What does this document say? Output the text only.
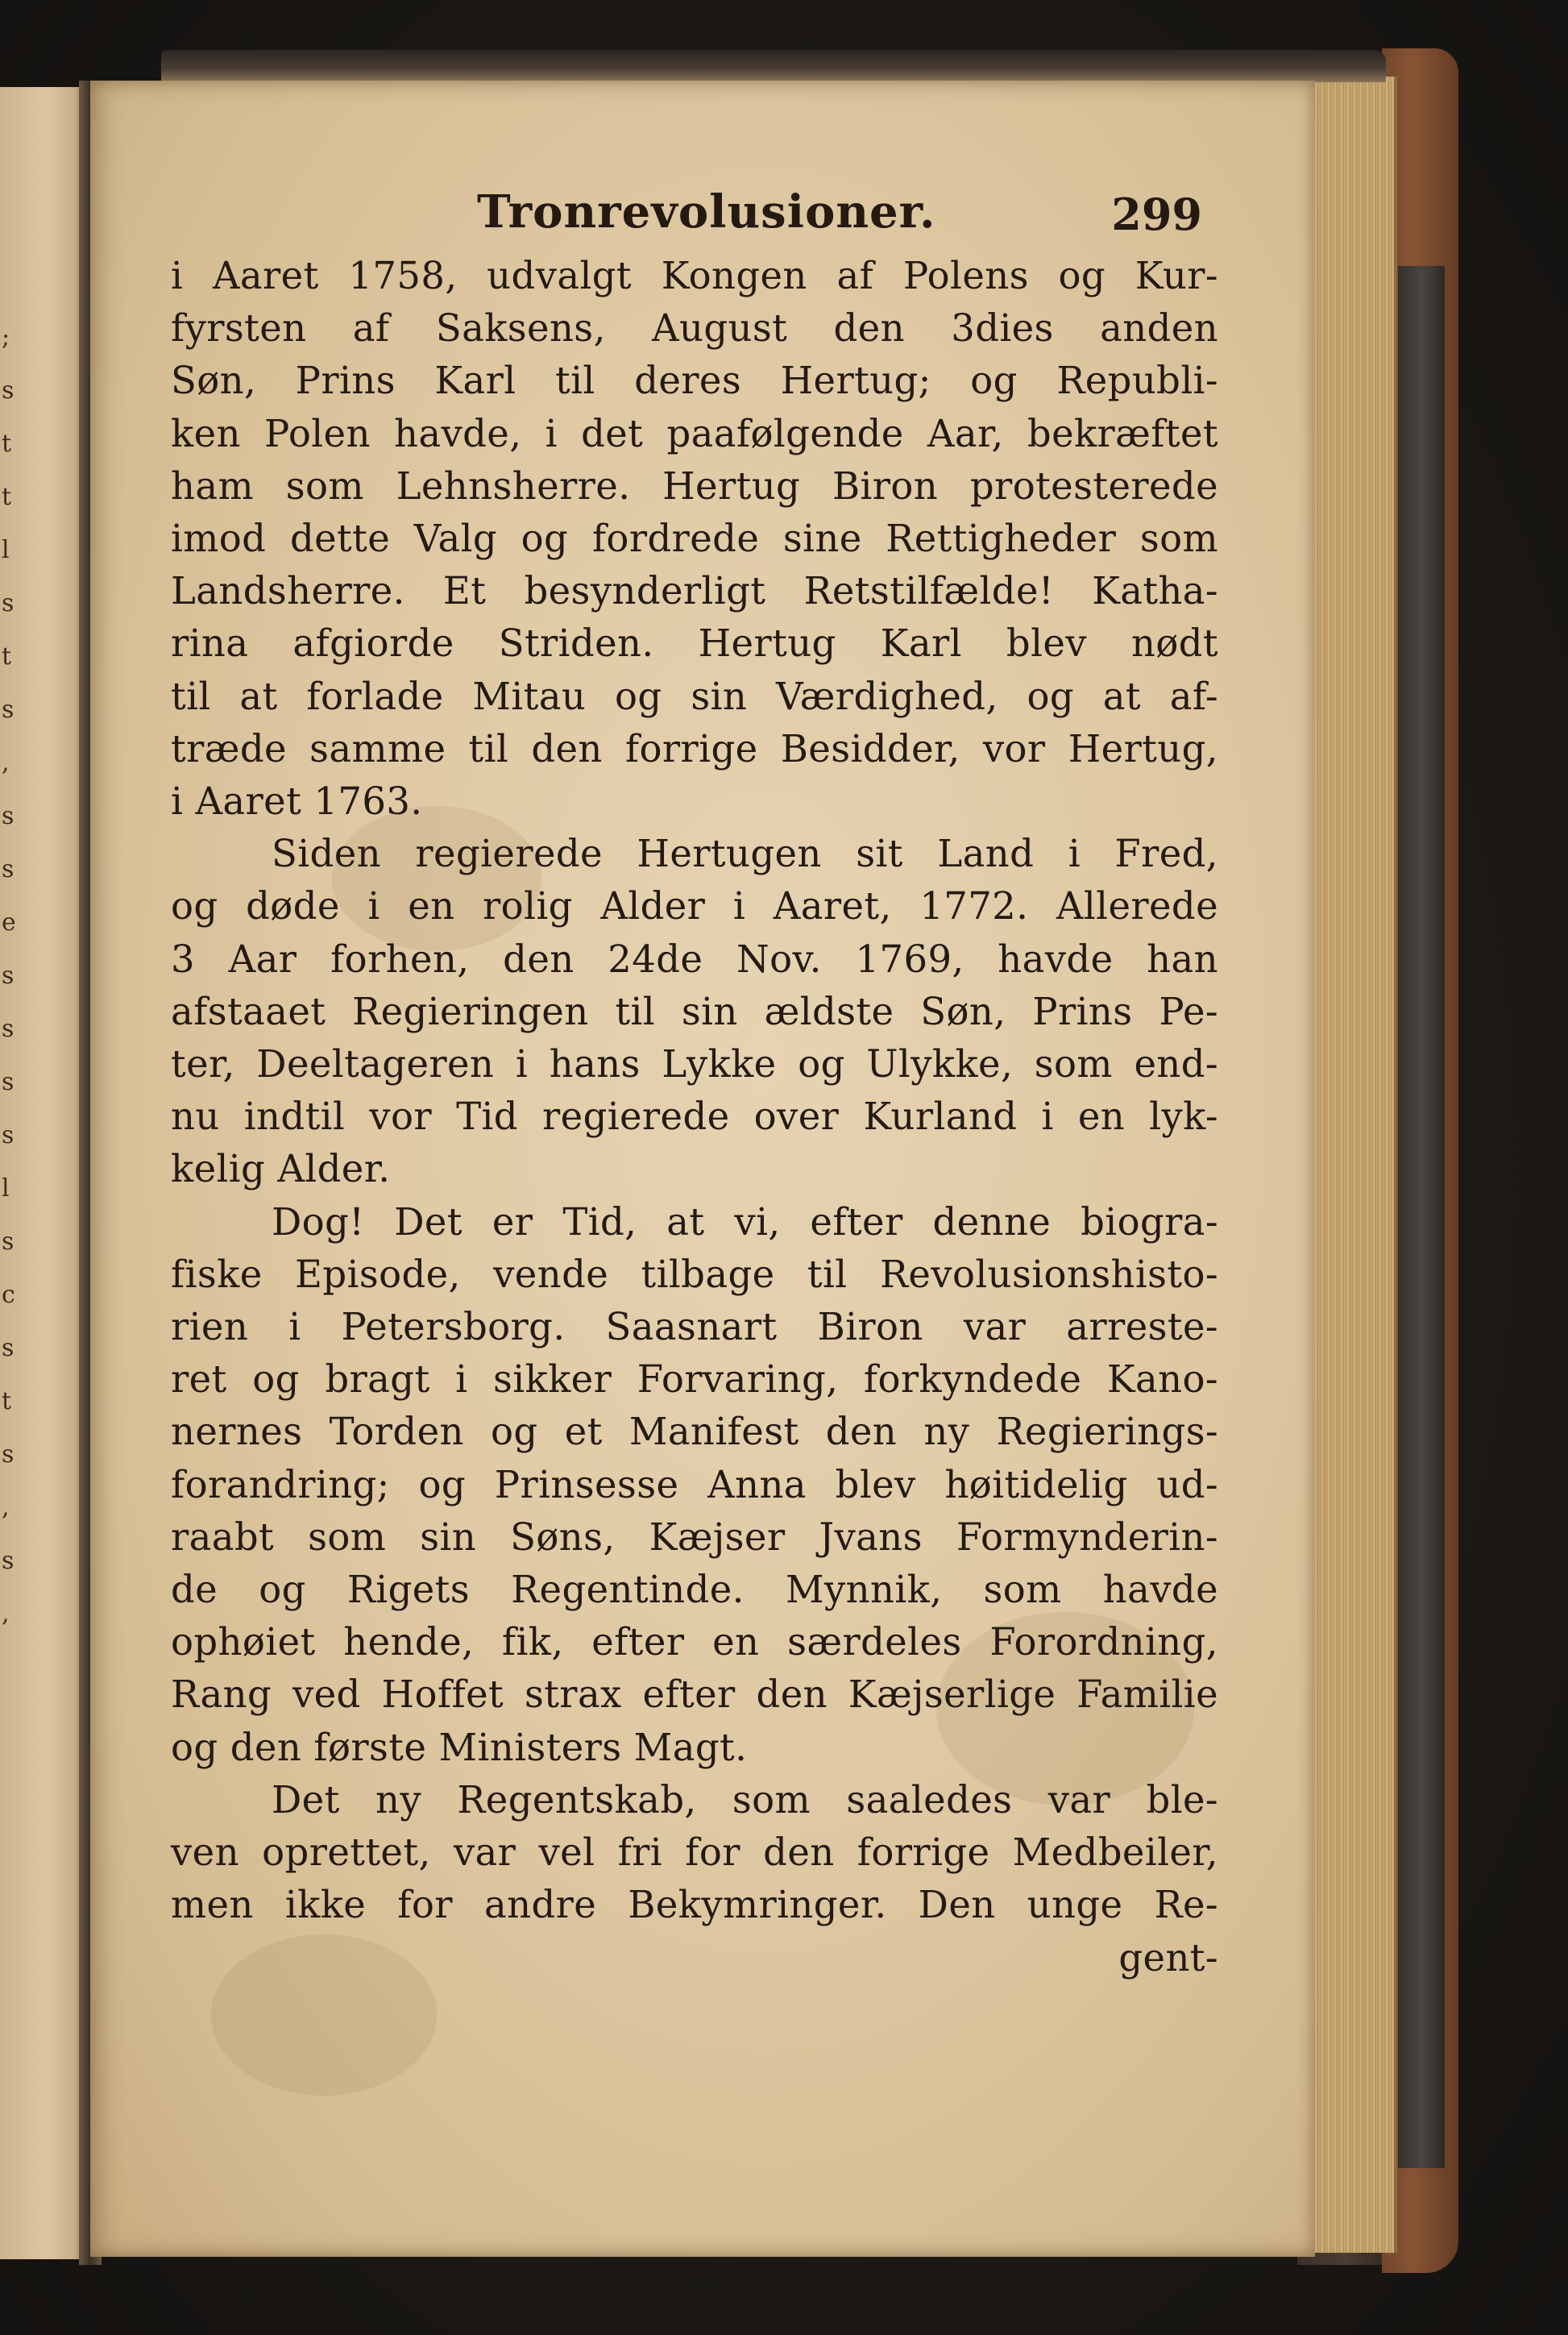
;
s
t
t
l
s
t
s
,
s
s
e
s
s
s
s
l
s
c
s
t
s
,
s
,
Tronrevolusioner.	299
i Aaret 1758, udvalgt Kongen af Polens og Kur-
fyrsten af Saksens, August den 3dies anden
Søn, Prins Karl til deres Hertug; og Republi-
ken Polen havde, i det paafølgende Aar, bekræftet
ham som Lehnsherre. Hertug Biron protesterede
imod dette Valg og fordrede sine Rettigheder som
Landsherre. Et besynderligt Retstilfælde! Katha-
rina afgiorde Striden. Hertug Karl blev nødt
til at forlade Mitau og sin Værdighed, og at af-
træde samme til den forrige Besidder, vor Hertug,
i Aaret 1763.
Siden regierede Hertugen sit Land i Fred,
og døde i en rolig Alder i Aaret, 1772. Allerede
3 Aar forhen, den 24de Nov. 1769, havde han
afstaaet Regieringen til sin ældste Søn, Prins Pe-
ter, Deeltageren i hans Lykke og Ulykke, som end-
nu indtil vor Tid regierede over Kurland i en lyk-
kelig Alder.
Dog! Det er Tid, at vi, efter denne biogra-
fiske Episode, vende tilbage til Revolusionshisto-
rien i Petersborg. Saasnart Biron var arreste-
ret og bragt i sikker Forvaring, forkyndede Kano-
nernes Torden og et Manifest den ny Regierings-
forandring; og Prinsesse Anna blev høitidelig ud-
raabt som sin Søns, Kæjser Jvans Formynderin-
de og Rigets Regentinde. Mynnik, som havde
ophøiet hende, fik, efter en særdeles Forordning,
Rang ved Hoffet strax efter den Kæjserlige Familie
og den første Ministers Magt.
Det ny Regentskab, som saaledes var ble-
ven oprettet, var vel fri for den forrige Medbeiler,
men ikke for andre Bekymringer. Den unge Re-
gent-
